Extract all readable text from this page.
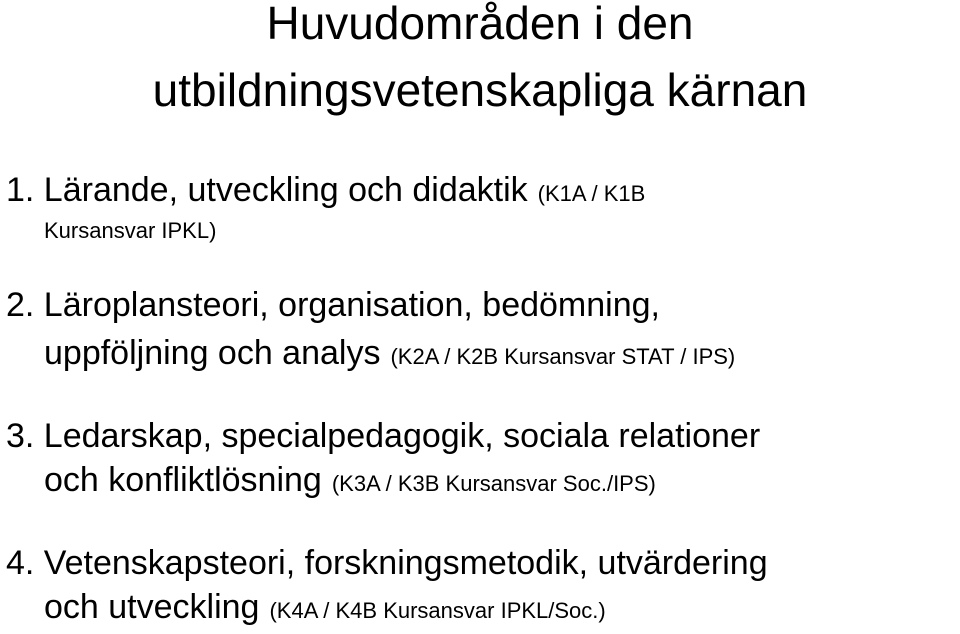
Huvudområden i den
utbildningsvetenskapliga kärnan
1. Lärande, utveckling och didaktik (K1A / K1B
Kursansvar IPKL)
2. Läroplansteori, organisation, bedömning,
uppföljning och analys (K2A / K2B Kursansvar STAT / IPS)
3. Ledarskap, specialpedagogik, sociala relationer
och konfliktlösning (K3A / K3B Kursansvar Soc./IPS)
4. Vetenskapsteori, forskningsmetodik, utvärdering
och utveckling (K4A / K4B Kursansvar IPKL/Soc.)
